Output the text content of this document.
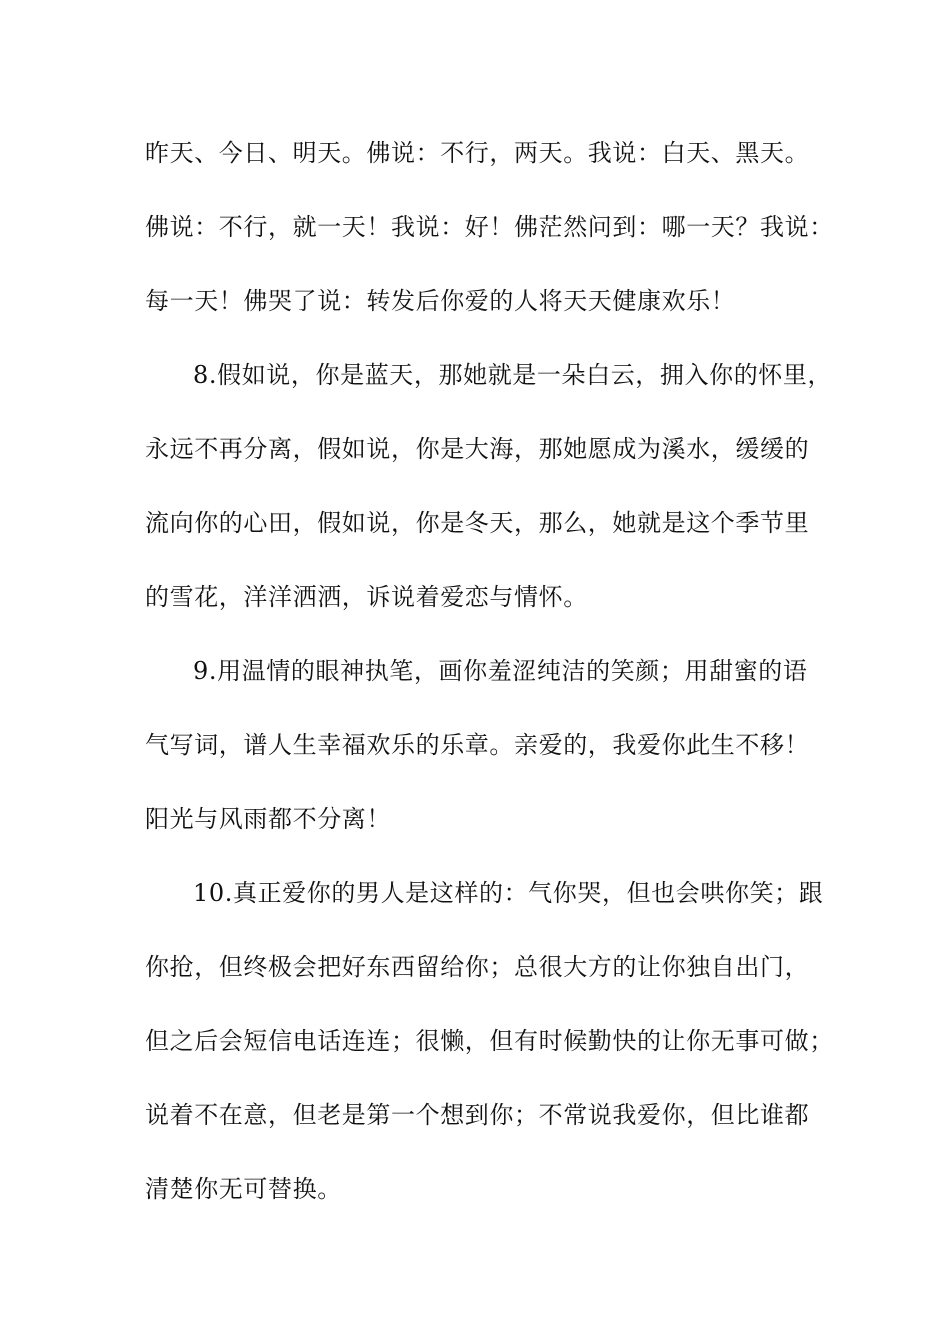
昨天、今日、明天。佛说：不行，两天。我说：白天、黑天。
佛说：不行，就一天！我说：好！佛茫然问到：哪一天？我说：
每一天！佛哭了说：转发后你爱的人将天天健康欢乐！
8.假如说，你是蓝天，那她就是一朵白云，拥入你的怀里，
永远不再分离，假如说，你是大海，那她愿成为溪水，缓缓的
流向你的心田，假如说，你是冬天，那么，她就是这个季节里
的雪花，洋洋洒洒，诉说着爱恋与情怀。
9.用温情的眼神执笔，画你羞涩纯洁的笑颜；用甜蜜的语
气写词，谱人生幸福欢乐的乐章。亲爱的，我爱你此生不移！
阳光与风雨都不分离！
10.真正爱你的男人是这样的：气你哭，但也会哄你笑；跟
你抢，但终极会把好东西留给你；总很大方的让你独自出门，
但之后会短信电话连连；很懒，但有时候勤快的让你无事可做；
说着不在意，但老是第一个想到你；不常说我爱你，但比谁都
清楚你无可替换。
